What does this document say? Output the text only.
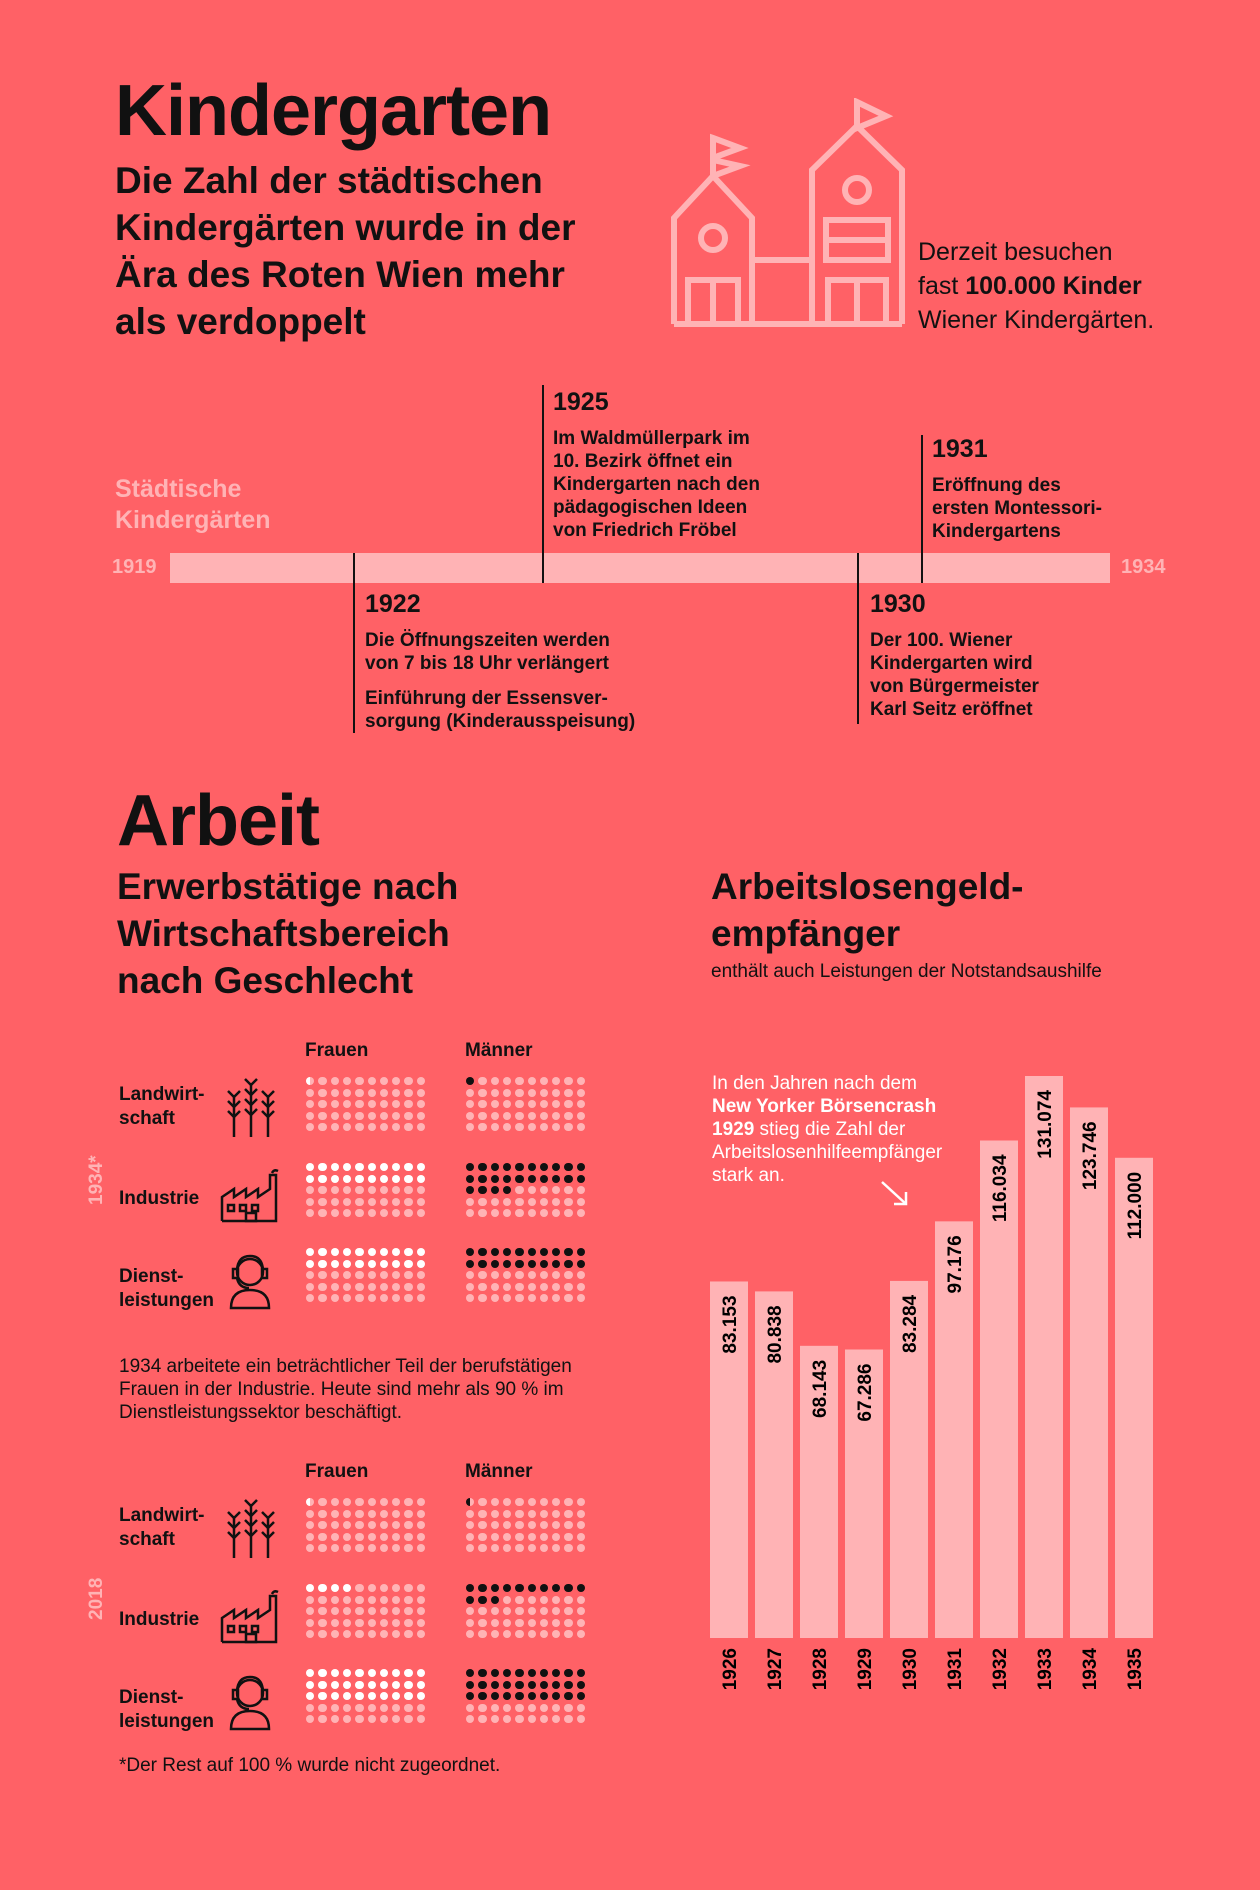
Kindergarten
Die Zahl der städtischen
Kindergärten wurde in der
Ära des Roten Wien mehr
als verdoppelt
Derzeit besuchen
fast 100.000 Kinder
Wiener Kindergärten.
Städtische
Kindergärten
1919	1934
1922
Die Öffnungszeiten werden
von 7 bis 18 Uhr verlängert
Einführung der Essensver-
sorgung (Kinderausspeisung)
1925
Im Waldmüllerpark im
10. Bezirk öffnet ein
Kindergarten nach den
pädagogischen Ideen
von Friedrich Fröbel
1930
Der 100. Wiener
Kindergarten wird
von Bürgermeister
Karl Seitz eröffnet
1931
Eröffnung des
ersten Montessori-
Kindergartens
Arbeit
Erwerbstätige nach
Wirtschaftsbereich
nach Geschlecht
Frauen	Männer
1934*
Landwirt-
schaft
Industrie
Dienst-
leistungen
1934 arbeitete ein beträchtlicher Teil der berufstätigen
Frauen in der Industrie. Heute sind mehr als 90 % im
Dienstleistungssektor beschäftigt.
Frauen	Männer
2018
Landwirt-
schaft
Industrie
Dienst-
leistungen
*Der Rest auf 100 % wurde nicht zugeordnet.
Arbeitslosengeld-
empfänger
enthält auch Leistungen der Notstandsaushilfe
In den Jahren nach dem
New Yorker Börsencrash
1929 stieg die Zahl der
Arbeitslosenhilfeempfänger
stark an.
83.153
1926
80.838
1927
68.143
1928
67.286
1929
83.284
1930
97.176
1931
116.034
1932
131.074
1933
123.746
1934
112.000
1935
